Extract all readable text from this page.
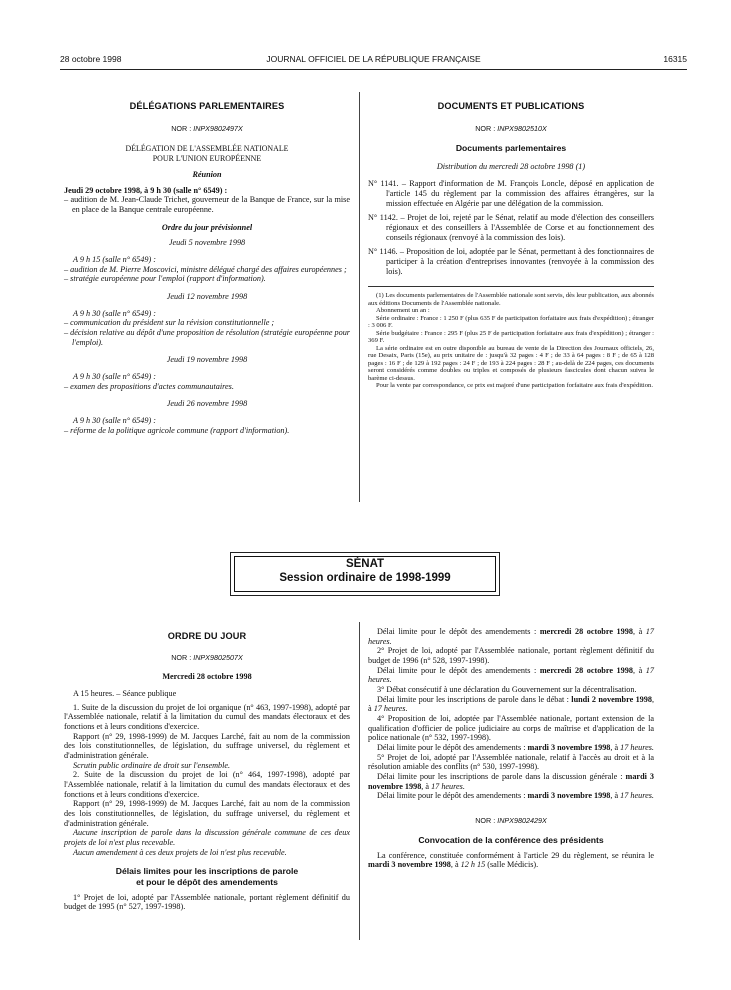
28 octobre 1998	JOURNAL OFFICIEL DE LA RÉPUBLIQUE FRANÇAISE	16315
DÉLÉGATIONS PARLEMENTAIRES
NOR : INPX9802497X
DÉLÉGATION DE L'ASSEMBLÉE NATIONALE
POUR L'UNION EUROPÉENNE
Réunion

Jeudi 29 octobre 1998, à 9 h 30 (salle n° 6549) :

– audition de M. Jean-Claude Trichet, gouverneur de la Banque de France, sur la mise en place de la Banque centrale européenne.

Ordre du jour prévisionnel
Jeudi 5 novembre 1998

A 9 h 15 (salle n° 6549) :

– audition de M. Pierre Moscovici, ministre délégué chargé des affaires européennes ;

– stratégie européenne pour l'emploi (rapport d'information).

Jeudi 12 novembre 1998

A 9 h 30 (salle n° 6549) :

– communication du président sur la révision constitutionnelle ;

– décision relative au dépôt d'une proposition de résolution (stratégie européenne pour l'emploi).

Jeudi 19 novembre 1998

A 9 h 30 (salle n° 6549) :

– examen des propositions d'actes communautaires.

Jeudi 26 novembre 1998

A 9 h 30 (salle n° 6549) :

– réforme de la politique agricole commune (rapport d'information).

DOCUMENTS ET PUBLICATIONS
NOR : INPX9802510X
Documents parlementaires
Distribution du mercredi 28 octobre 1998 (1)

N° 1141. – Rapport d'information de M. François Loncle, déposé en application de l'article 145 du règlement par la commission des affaires étrangères, sur la mission effectuée en Algérie par une délégation de la commission.

N° 1142. – Projet de loi, rejeté par le Sénat, relatif au mode d'élection des conseillers régionaux et des conseillers à l'Assemblée de Corse et au fonctionnement des conseils régionaux (renvoyé à la commission des lois).

N° 1146. – Proposition de loi, adoptée par le Sénat, permettant à des fonctionnaires de participer à la création d'entreprises innovantes (renvoyée à la commission des lois).

(1) Les documents parlementaires de l'Assemblée nationale sont servis, dès leur publication, aux abonnés aux éditions Documents de l'Assemblée nationale.

Abonnement un an :

Série ordinaire : France : 1 250 F (plus 635 F de participation forfaitaire aux frais d'expédition) ; étranger : 3 006 F.

Série budgétaire : France : 295 F (plus 25 F de participation forfaitaire aux frais d'expédition) ; étranger : 369 F.

La série ordinaire est en outre disponible au bureau de vente de la Direction des Journaux officiels, 26, rue Desaix, Paris (15e), au prix unitaire de : jusqu'à 32 pages : 4 F ; de 33 à 64 pages : 8 F ; de 65 à 128 pages : 16 F ; de 129 à 192 pages : 24 F ; de 193 à 224 pages : 28 F ; au-delà de 224 pages, ces documents seront considérés comme doubles ou triples et composés de plusieurs fascicules dont chacun suivra le barème ci-dessus.

Pour la vente par correspondance, ce prix est majoré d'une participation forfaitaire aux frais d'expédition.

SÉNAT
Session ordinaire de 1998-1999
ORDRE DU JOUR
NOR : INPX9802507X
Mercredi 28 octobre 1998

A 15 heures. – Séance publique

1. Suite de la discussion du projet de loi organique (n° 463, 1997-1998), adopté par l'Assemblée nationale, relatif à la limitation du cumul des mandats électoraux et des fonctions et à leurs conditions d'exercice.

Rapport (n° 29, 1998-1999) de M. Jacques Larché, fait au nom de la commission des lois constitutionnelles, de législation, du suffrage universel, du règlement et d'administration générale.

Scrutin public ordinaire de droit sur l'ensemble.

2. Suite de la discussion du projet de loi (n° 464, 1997-1998), adopté par l'Assemblée nationale, relatif à la limitation du cumul des mandats électoraux et des fonctions et à leurs conditions d'exercice.

Rapport (n° 29, 1998-1999) de M. Jacques Larché, fait au nom de la commission des lois constitutionnelles, de législation, du suffrage universel, du règlement et d'administration générale.

Aucune inscription de parole dans la discussion générale commune de ces deux projets de loi n'est plus recevable.

Aucun amendement à ces deux projets de loi n'est plus recevable.

Délais limites pour les inscriptions de parole
et pour le dépôt des amendements

1° Projet de loi, adopté par l'Assemblée nationale, portant règlement définitif du budget de 1995 (n° 527, 1997-1998).

Délai limite pour le dépôt des amendements : mercredi 28 octobre 1998, à 17 heures.

2° Projet de loi, adopté par l'Assemblée nationale, portant règlement définitif du budget de 1996 (n° 528, 1997-1998).

Délai limite pour le dépôt des amendements : mercredi 28 octobre 1998, à 17 heures.

3° Débat consécutif à une déclaration du Gouvernement sur la décentralisation.

Délai limite pour les inscriptions de parole dans le débat : lundi 2 novembre 1998, à 17 heures.

4° Proposition de loi, adoptée par l'Assemblée nationale, portant extension de la qualification d'officier de police judiciaire au corps de maîtrise et d'application de la police nationale (n° 532, 1997-1998).

Délai limite pour le dépôt des amendements : mardi 3 novembre 1998, à 17 heures.

5° Projet de loi, adopté par l'Assemblée nationale, relatif à l'accès au droit et à la résolution amiable des conflits (n° 530, 1997-1998).

Délai limite pour les inscriptions de parole dans la discussion générale : mardi 3 novembre 1998, à 17 heures.

Délai limite pour le dépôt des amendements : mardi 3 novembre 1998, à 17 heures.

NOR : INPX9802429X
Convocation de la conférence des présidents

La conférence, constituée conformément à l'article 29 du règlement, se réunira le mardi 3 novembre 1998, à 12 h 15 (salle Médicis).
